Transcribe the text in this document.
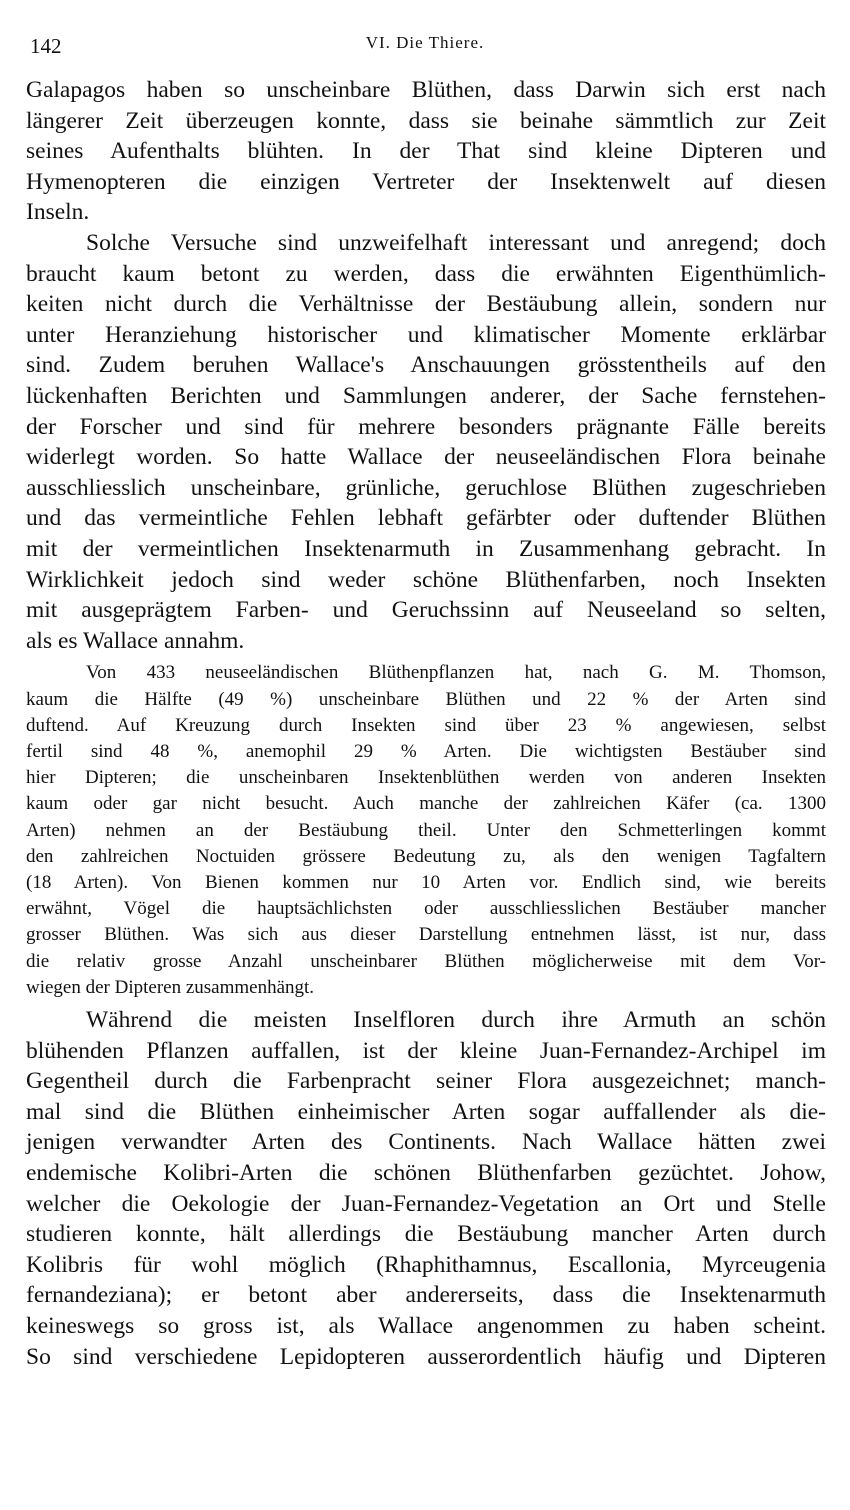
142	VI. Die Thiere.
Galapagos haben so unscheinbare Blüthen, dass Darwin sich erst nach
längerer Zeit überzeugen konnte, dass sie beinahe sämmtlich zur Zeit
seines Aufenthalts blühten. In der That sind kleine Dipteren und
Hymenopteren die einzigen Vertreter der Insektenwelt auf diesen
Inseln.
Solche Versuche sind unzweifelhaft interessant und anregend; doch
braucht kaum betont zu werden, dass die erwähnten Eigenthümlich-
keiten nicht durch die Verhältnisse der Bestäubung allein, sondern nur
unter Heranziehung historischer und klimatischer Momente erklärbar
sind. Zudem beruhen Wallace's Anschauungen grösstentheils auf den
lückenhaften Berichten und Sammlungen anderer, der Sache fernstehen-
der Forscher und sind für mehrere besonders prägnante Fälle bereits
widerlegt worden. So hatte Wallace der neuseeländischen Flora beinahe
ausschliesslich unscheinbare, grünliche, geruchlose Blüthen zugeschrieben
und das vermeintliche Fehlen lebhaft gefärbter oder duftender Blüthen
mit der vermeintlichen Insektenarmuth in Zusammenhang gebracht. In
Wirklichkeit jedoch sind weder schöne Blüthenfarben, noch Insekten
mit ausgeprägtem Farben- und Geruchssinn auf Neuseeland so selten,
als es Wallace annahm.
Von 433 neuseeländischen Blüthenpflanzen hat, nach G. M. Thomson,
kaum die Hälfte (49 %) unscheinbare Blüthen und 22 % der Arten sind
duftend. Auf Kreuzung durch Insekten sind über 23 % angewiesen, selbst
fertil sind 48 %, anemophil 29 % Arten. Die wichtigsten Bestäuber sind
hier Dipteren; die unscheinbaren Insektenblüthen werden von anderen Insekten
kaum oder gar nicht besucht. Auch manche der zahlreichen Käfer (ca. 1300
Arten) nehmen an der Bestäubung theil. Unter den Schmetterlingen kommt
den zahlreichen Noctuiden grössere Bedeutung zu, als den wenigen Tagfaltern
(18 Arten). Von Bienen kommen nur 10 Arten vor. Endlich sind, wie bereits
erwähnt, Vögel die hauptsächlichsten oder ausschliesslichen Bestäuber mancher
grosser Blüthen. Was sich aus dieser Darstellung entnehmen lässt, ist nur, dass
die relativ grosse Anzahl unscheinbarer Blüthen möglicherweise mit dem Vor-
wiegen der Dipteren zusammenhängt.
Während die meisten Inselfloren durch ihre Armuth an schön
blühenden Pflanzen auffallen, ist der kleine Juan-Fernandez-Archipel im
Gegentheil durch die Farbenpracht seiner Flora ausgezeichnet; manch-
mal sind die Blüthen einheimischer Arten sogar auffallender als die-
jenigen verwandter Arten des Continents. Nach Wallace hätten zwei
endemische Kolibri-Arten die schönen Blüthenfarben gezüchtet. Johow,
welcher die Oekologie der Juan-Fernandez-Vegetation an Ort und Stelle
studieren konnte, hält allerdings die Bestäubung mancher Arten durch
Kolibris für wohl möglich (Rhaphithamnus, Escallonia, Myrceugenia
fernandeziana); er betont aber andererseits, dass die Insektenarmuth
keineswegs so gross ist, als Wallace angenommen zu haben scheint.
So sind verschiedene Lepidopteren ausserordentlich häufig und Dipteren
